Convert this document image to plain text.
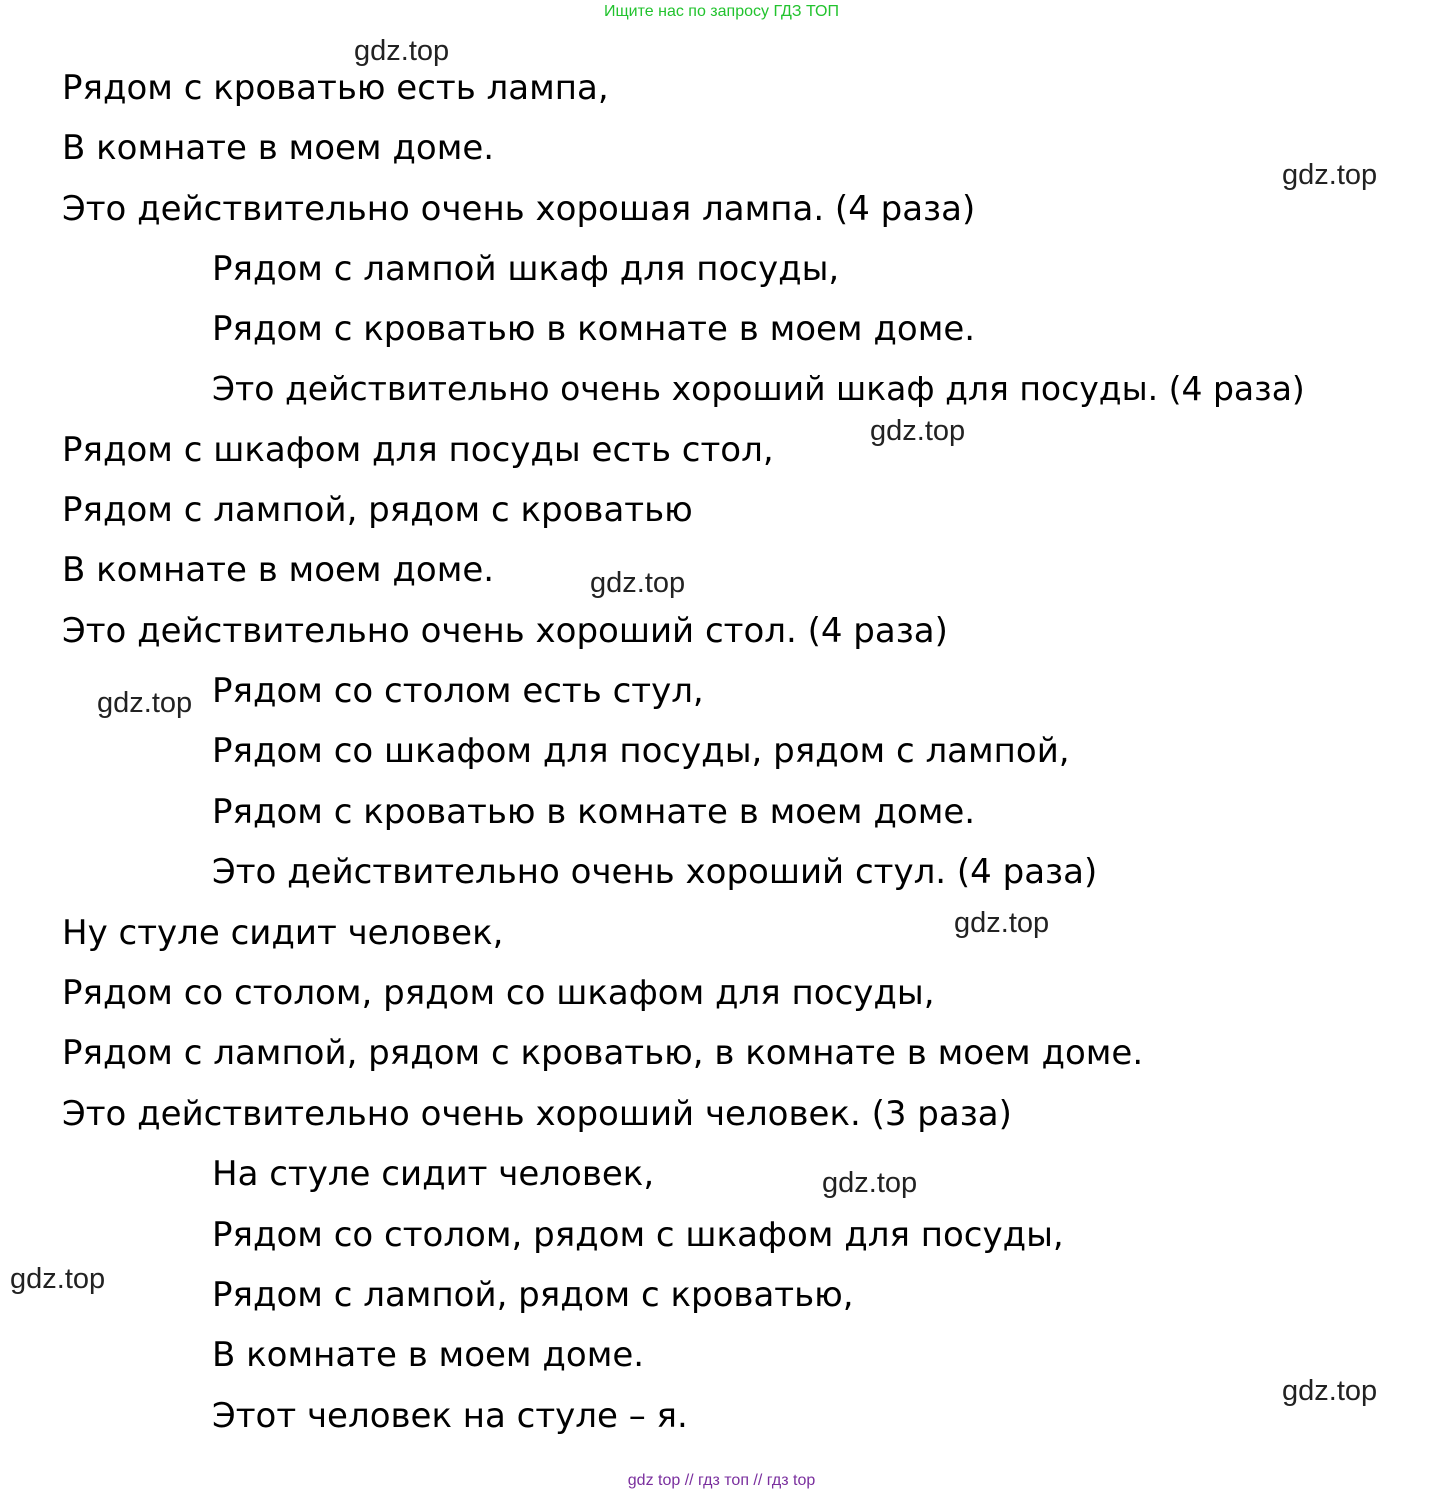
Ищите нас по запросу ГДЗ ТОП
Рядом с кроватью есть лампа,
В комнате в моем доме.
Это действительно очень хорошая лампа. (4 раза)
Рядом с лампой шкаф для посуды,
Рядом с кроватью в комнате в моем доме.
Это действительно очень хороший шкаф для посуды. (4 раза)
Рядом с шкафом для посуды есть стол,
Рядом с лампой, рядом с кроватью
В комнате в моем доме.
Это действительно очень хороший стол. (4 раза)
Рядом со столом есть стул,
Рядом со шкафом для посуды, рядом с лампой,
Рядом с кроватью в комнате в моем доме.
Это действительно очень хороший стул. (4 раза)
Ну стуле сидит человек,
Рядом со столом, рядом со шкафом для посуды,
Рядом с лампой, рядом с кроватью, в комнате в моем доме.
Это действительно очень хороший человек. (3 раза)
На стуле сидит человек,
Рядом со столом, рядом с шкафом для посуды,
Рядом с лампой, рядом с кроватью,
В комнате в моем доме.
Этот человек на стуле – я.
gdz.top
gdz.top
gdz.top
gdz.top
gdz.top
gdz.top
gdz.top
gdz.top
gdz.top
gdz top // гдз топ // гдз top
